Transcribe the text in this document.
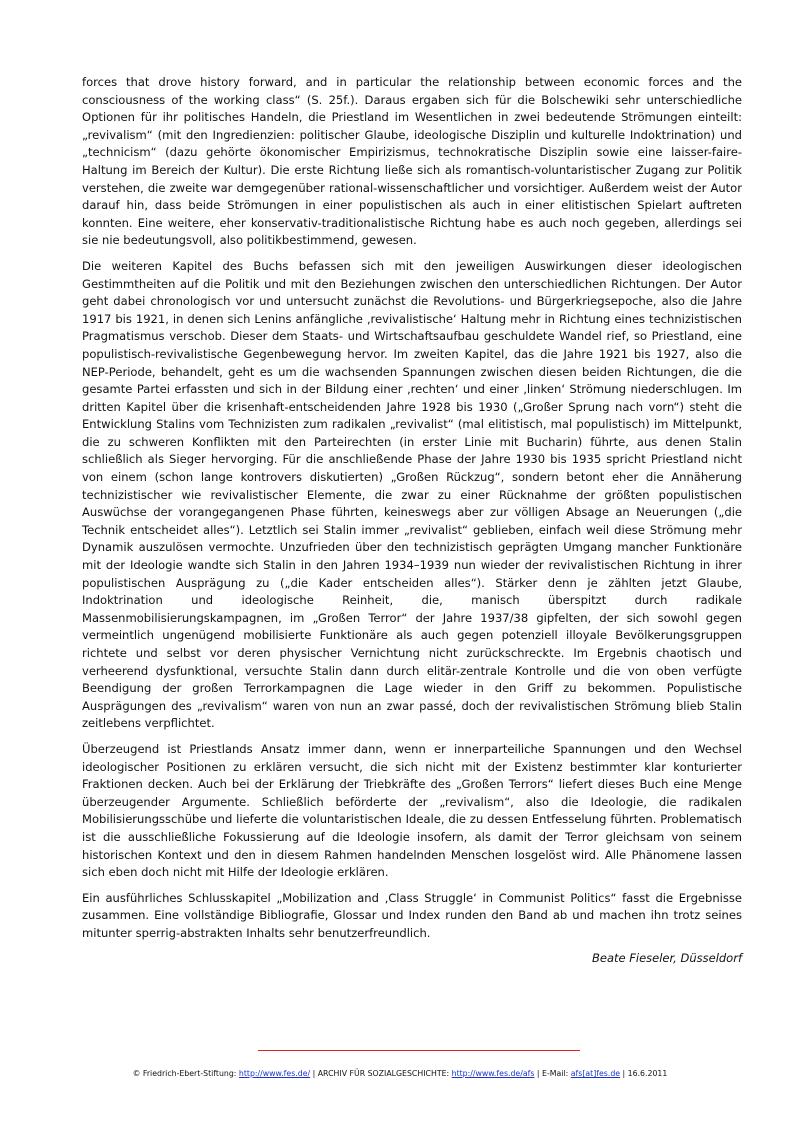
forces that drove history forward, and in particular the relationship between economic forces and the consciousness of the working class“ (S. 25f.). Daraus ergaben sich für die Bolschewiki sehr unterschiedliche Optionen für ihr politisches Handeln, die Priestland im Wesentlichen in zwei bedeutende Strömungen einteilt: „revivalism“ (mit den Ingredienzien: politischer Glaube, ideologische Disziplin und kulturelle Indoktrination) und „technicism“ (dazu gehörte ökonomischer Empirizismus, technokratische Disziplin sowie eine laisser-faire-Haltung im Bereich der Kultur). Die erste Richtung ließe sich als romantisch-voluntaristischer Zugang zur Politik verstehen, die zweite war demgegenüber rational-wissenschaftlicher und vorsichtiger. Außerdem weist der Autor darauf hin, dass beide Strömungen in einer populistischen als auch in einer elitistischen Spielart auftreten konnten. Eine weitere, eher konservativ-traditionalistische Richtung habe es auch noch gegeben, allerdings sei sie nie bedeutungsvoll, also politikbestimmend, gewesen.

Die weiteren Kapitel des Buchs befassen sich mit den jeweiligen Auswirkungen dieser ideologischen Gestimmtheiten auf die Politik und mit den Beziehungen zwischen den unterschiedlichen Richtungen. Der Autor geht dabei chronologisch vor und untersucht zunächst die Revolutions- und Bürgerkriegsepoche, also die Jahre 1917 bis 1921, in denen sich Lenins anfängliche ‚revivalistische‘ Haltung mehr in Richtung eines technizistischen Pragmatismus verschob. Dieser dem Staats- und Wirtschaftsaufbau geschuldete Wandel rief, so Priestland, eine populistisch-revivalistische Gegenbewegung hervor. Im zweiten Kapitel, das die Jahre 1921 bis 1927, also die NEP-Periode, behandelt, geht es um die wachsenden Spannungen zwischen diesen beiden Richtungen, die die gesamte Partei erfassten und sich in der Bildung einer ‚rechten‘ und einer ‚linken‘ Strömung niederschlugen. Im dritten Kapitel über die krisenhaft-entscheidenden Jahre 1928 bis 1930 („Großer Sprung nach vorn“) steht die Entwicklung Stalins vom Technizisten zum radikalen „revivalist“ (mal elitistisch, mal populistisch) im Mittelpunkt, die zu schweren Konflikten mit den Parteirechten (in erster Linie mit Bucharin) führte, aus denen Stalin schließlich als Sieger hervorging. Für die anschließende Phase der Jahre 1930 bis 1935 spricht Priestland nicht von einem (schon lange kontrovers diskutierten) „Großen Rückzug“, sondern betont eher die Annäherung technizistischer wie revivalistischer Elemente, die zwar zu einer Rücknahme der größten populistischen Auswüchse der vorangegangenen Phase führten, keineswegs aber zur völligen Absage an Neuerungen („die Technik entscheidet alles“). Letztlich sei Stalin immer „revivalist“ geblieben, einfach weil diese Strömung mehr Dynamik auszulösen vermochte. Unzufrieden über den technizistisch geprägten Umgang mancher Funktionäre mit der Ideologie wandte sich Stalin in den Jahren 1934–1939 nun wieder der revivalistischen Richtung in ihrer populistischen Ausprägung zu („die Kader entscheiden alles“). Stärker denn je zählten jetzt Glaube, Indoktrination und ideologische Reinheit, die, manisch überspitzt durch radikale Massenmobilisierungskampagnen, im „Großen Terror“ der Jahre 1937/38 gipfelten, der sich sowohl gegen vermeintlich ungenügend mobilisierte Funktionäre als auch gegen potenziell illoyale Bevölkerungsgruppen richtete und selbst vor deren physischer Vernichtung nicht zurückschreckte. Im Ergebnis chaotisch und verheerend dysfunktional, versuchte Stalin dann durch elitär-zentrale Kontrolle und die von oben verfügte Beendigung der großen Terrorkampagnen die Lage wieder in den Griff zu bekommen. Populistische Ausprägungen des „revivalism“ waren von nun an zwar passé, doch der revivalistischen Strömung blieb Stalin zeitlebens verpflichtet.

Überzeugend ist Priestlands Ansatz immer dann, wenn er innerparteiliche Spannungen und den Wechsel ideologischer Positionen zu erklären versucht, die sich nicht mit der Existenz bestimmter klar konturierter Fraktionen decken. Auch bei der Erklärung der Triebkräfte des „Großen Terrors“ liefert dieses Buch eine Menge überzeugender Argumente. Schließlich beförderte der „revivalism“, also die Ideologie, die radikalen Mobilisierungsschübe und lieferte die voluntaristischen Ideale, die zu dessen Entfesselung führten. Problematisch ist die ausschließliche Fokussierung auf die Ideologie insofern, als damit der Terror gleichsam von seinem historischen Kontext und den in diesem Rahmen handelnden Menschen losgelöst wird. Alle Phänomene lassen sich eben doch nicht mit Hilfe der Ideologie erklären.

Ein ausführliches Schlusskapitel „Mobilization and ‚Class Struggle‘ in Communist Politics“ fasst die Ergebnisse zusammen. Eine vollständige Bibliografie, Glossar und Index runden den Band ab und machen ihn trotz seines mitunter sperrig-abstrakten Inhalts sehr benutzerfreundlich.

Beate Fieseler, Düsseldorf
© Friedrich-Ebert-Stiftung: http://www.fes.de/ | ARCHIV FÜR SOZIALGESCHICHTE: http://www.fes.de/afs | E-Mail: afs[at]fes.de | 16.6.2011
